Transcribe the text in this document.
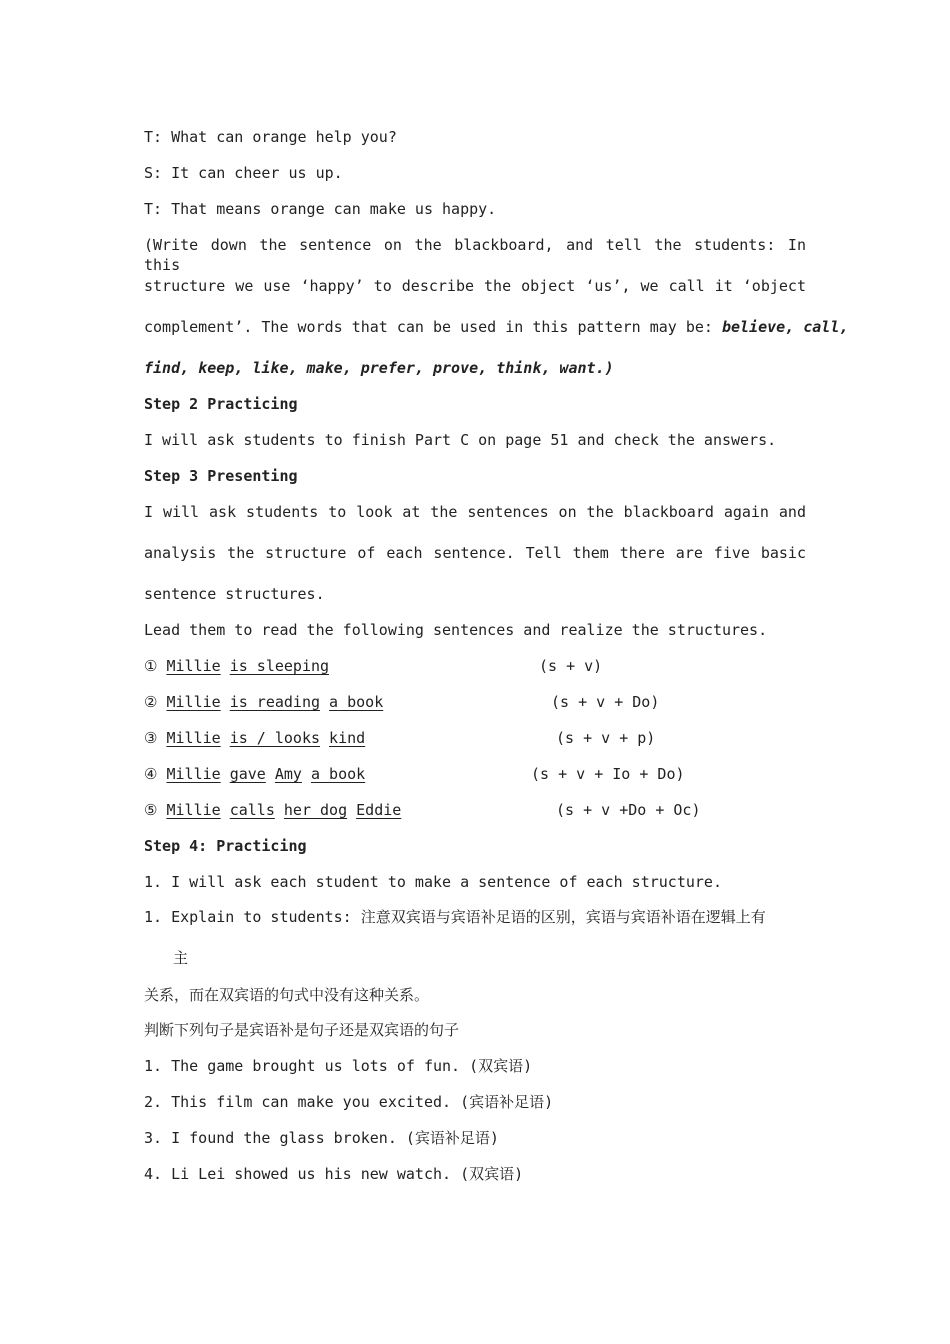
T: What can orange help you?
S: It can cheer us up.
T: That means orange can make us happy.
(Write down the sentence on the blackboard, and tell the students: In this
structure we use ‘happy’ to describe the object ‘us’, we call it ‘object
complement’. The words that can be used in this pattern may be: believe, call,
find, keep, like, make, prefer, prove, think, want.)
Step 2 Practicing
I will ask students to finish Part C on page 51 and check the answers.
Step 3 Presenting
I will ask students to look at the sentences on the blackboard again and
analysis the structure of each sentence. Tell them there are five basic
sentence structures.
Lead them to read the following sentences and realize the structures.
① Millie is sleeping	(s + v)
② Millie is reading a book	(s + v + Do)
③ Millie is / looks kind	(s + v + p)
④ Millie gave Amy a book	(s + v + Io + Do)
⑤ Millie calls her dog Eddie	(s + v +Do + Oc)
Step 4: Practicing
1. I will ask each student to make a sentence of each structure.
1. Explain to students: 注意双宾语与宾语补足语的区别，宾语与宾语补语在逻辑上有
主
关系，而在双宾语的句式中没有这种关系。
判断下列句子是宾语补是句子还是双宾语的句子
1. The game brought us lots of fun. (双宾语)
2. This film can make you excited. (宾语补足语)
3. I found the glass broken. (宾语补足语)
4. Li Lei showed us his new watch. (双宾语)
